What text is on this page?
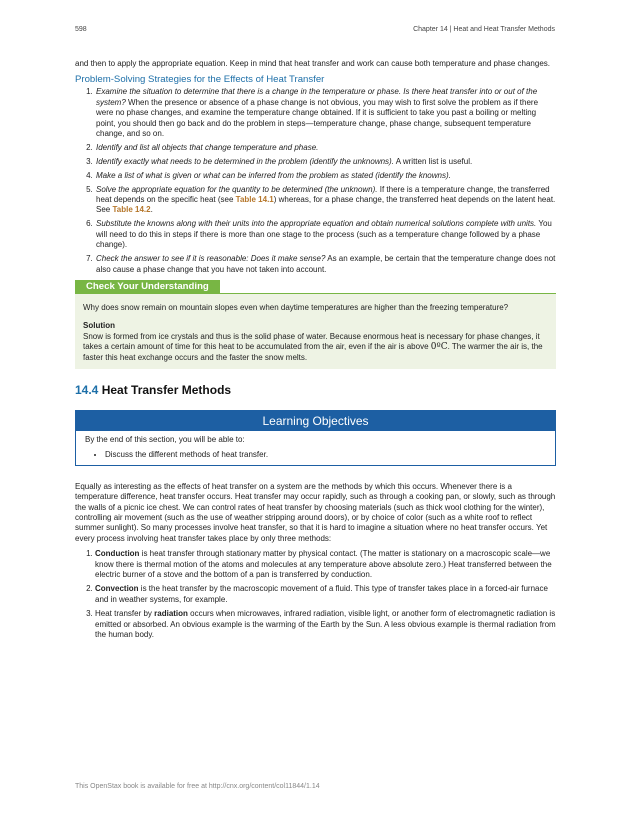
598	Chapter 14 | Heat and Heat Transfer Methods

and then to apply the appropriate equation. Keep in mind that heat transfer and work can cause both temperature and phase changes.

Problem-Solving Strategies for the Effects of Heat Transfer
1. Examine the situation to determine that there is a change in the temperature or phase. Is there heat transfer into or out of the system? When the presence or absence of a phase change is not obvious, you may wish to first solve the problem as if there were no phase changes, and examine the temperature change obtained. If it is sufficient to take you past a boiling or melting point, you should then go back and do the problem in steps—temperature change, phase change, subsequent temperature change, and so on.
2. Identify and list all objects that change temperature and phase.
3. Identify exactly what needs to be determined in the problem (identify the unknowns). A written list is useful.
4. Make a list of what is given or what can be inferred from the problem as stated (identify the knowns).
5. Solve the appropriate equation for the quantity to be determined (the unknown). If there is a temperature change, the transferred heat depends on the specific heat (see Table 14.1) whereas, for a phase change, the transferred heat depends on the latent heat. See Table 14.2.
6. Substitute the knowns along with their units into the appropriate equation and obtain numerical solutions complete with units. You will need to do this in steps if there is more than one stage to the process (such as a temperature change followed by a phase change).
7. Check the answer to see if it is reasonable: Does it make sense? As an example, be certain that the temperature change does not also cause a phase change that you have not taken into account.
Check Your Understanding

Why does snow remain on mountain slopes even when daytime temperatures are higher than the freezing temperature?

Solution

Snow is formed from ice crystals and thus is the solid phase of water. Because enormous heat is necessary for phase changes, it takes a certain amount of time for this heat to be accumulated from the air, even if the air is above 0ºC. The warmer the air is, the faster this heat exchange occurs and the faster the snow melts.

14.4 Heat Transfer Methods
Learning Objectives

By the end of this section, you will be able to:

• Discuss the different methods of heat transfer.

Equally as interesting as the effects of heat transfer on a system are the methods by which this occurs. Whenever there is a temperature difference, heat transfer occurs. Heat transfer may occur rapidly, such as through a cooking pan, or slowly, such as through the walls of a picnic ice chest. We can control rates of heat transfer by choosing materials (such as thick wool clothing for the winter), controlling air movement (such as the use of weather stripping around doors), or by choice of color (such as a white roof to reflect summer sunlight). So many processes involve heat transfer, so that it is hard to imagine a situation where no heat transfer occurs. Yet every process involving heat transfer takes place by only three methods:

1. Conduction is heat transfer through stationary matter by physical contact. (The matter is stationary on a macroscopic scale—we know there is thermal motion of the atoms and molecules at any temperature above absolute zero.) Heat transferred between the electric burner of a stove and the bottom of a pan is transferred by conduction.
2. Convection is the heat transfer by the macroscopic movement of a fluid. This type of transfer takes place in a forced-air furnace and in weather systems, for example.
3. Heat transfer by radiation occurs when microwaves, infrared radiation, visible light, or another form of electromagnetic radiation is emitted or absorbed. An obvious example is the warming of the Earth by the Sun. A less obvious example is thermal radiation from the human body.
This OpenStax book is available for free at http://cnx.org/content/col11844/1.14
